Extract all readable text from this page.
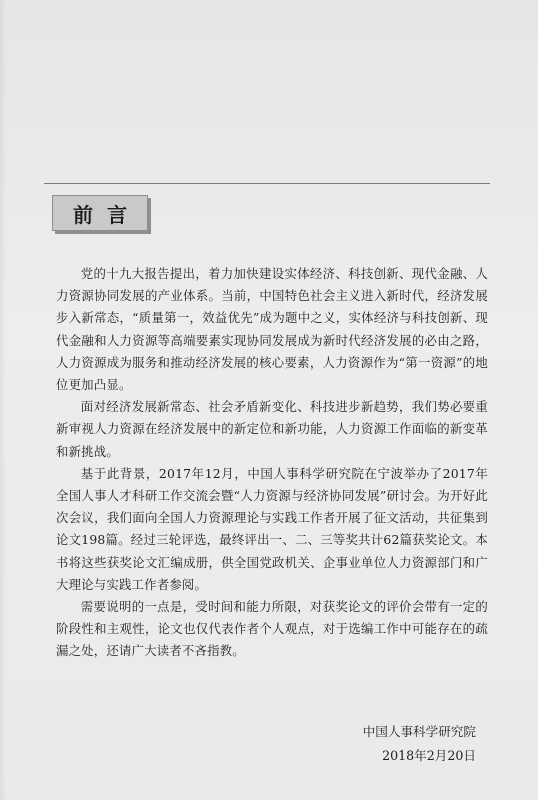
前言

党的十九大报告提出，着力加快建设实体经济、科技创新、现代金融、人力资源协同发展的产业体系。当前，中国特色社会主义进入新时代，经济发展步入新常态，“质量第一，效益优先”成为题中之义，实体经济与科技创新、现代金融和人力资源等高端要素实现协同发展成为新时代经济发展的必由之路，人力资源成为服务和推动经济发展的核心要素，人力资源作为“第一资源”的地位更加凸显。

面对经济发展新常态、社会矛盾新变化、科技进步新趋势，我们势必要重新审视人力资源在经济发展中的新定位和新功能，人力资源工作面临的新变革和新挑战。

基于此背景，2017年12月，中国人事科学研究院在宁波举办了2017年全国人事人才科研工作交流会暨“人力资源与经济协同发展”研讨会。为开好此次会议，我们面向全国人力资源理论与实践工作者开展了征文活动，共征集到论文198篇。经过三轮评选，最终评出一、二、三等奖共计62篇获奖论文。本书将这些获奖论文汇编成册，供全国党政机关、企事业单位人力资源部门和广大理论与实践工作者参阅。

需要说明的一点是，受时间和能力所限，对获奖论文的评价会带有一定的阶段性和主观性，论文也仅代表作者个人观点，对于选编工作中可能存在的疏漏之处，还请广大读者不吝指教。

中国人事科学研究院
2018年2月20日
